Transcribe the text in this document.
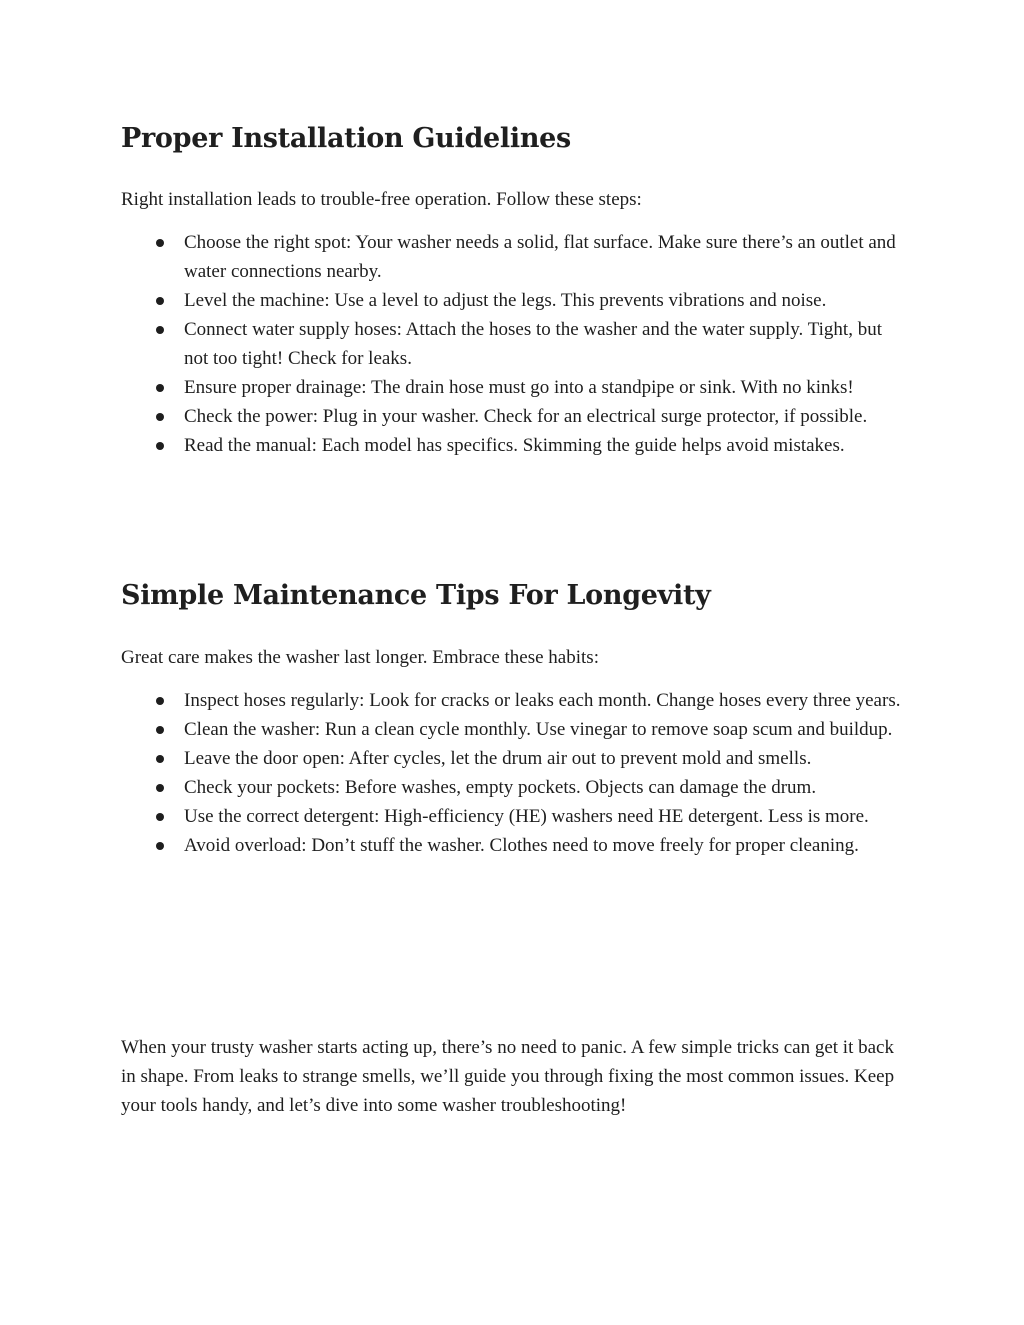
Proper Installation Guidelines

Right installation leads to trouble-free operation. Follow these steps:

Choose the right spot: Your washer needs a solid, flat surface. Make sure there’s an outlet and water connections nearby.
Level the machine: Use a level to adjust the legs. This prevents vibrations and noise.
Connect water supply hoses: Attach the hoses to the washer and the water supply. Tight, but not too tight! Check for leaks.
Ensure proper drainage: The drain hose must go into a standpipe or sink. With no kinks!
Check the power: Plug in your washer. Check for an electrical surge protector, if possible.
Read the manual: Each model has specifics. Skimming the guide helps avoid mistakes.
Simple Maintenance Tips For Longevity

Great care makes the washer last longer. Embrace these habits:

Inspect hoses regularly: Look for cracks or leaks each month. Change hoses every three years.
Clean the washer: Run a clean cycle monthly. Use vinegar to remove soap scum and buildup.
Leave the door open: After cycles, let the drum air out to prevent mold and smells.
Check your pockets: Before washes, empty pockets. Objects can damage the drum.
Use the correct detergent: High-efficiency (HE) washers need HE detergent. Less is more.
Avoid overload: Don’t stuff the washer. Clothes need to move freely for proper cleaning.

When your trusty washer starts acting up, there’s no need to panic. A few simple tricks can get it back in shape. From leaks to strange smells, we’ll guide you through fixing the most common issues. Keep your tools handy, and let’s dive into some washer troubleshooting!
